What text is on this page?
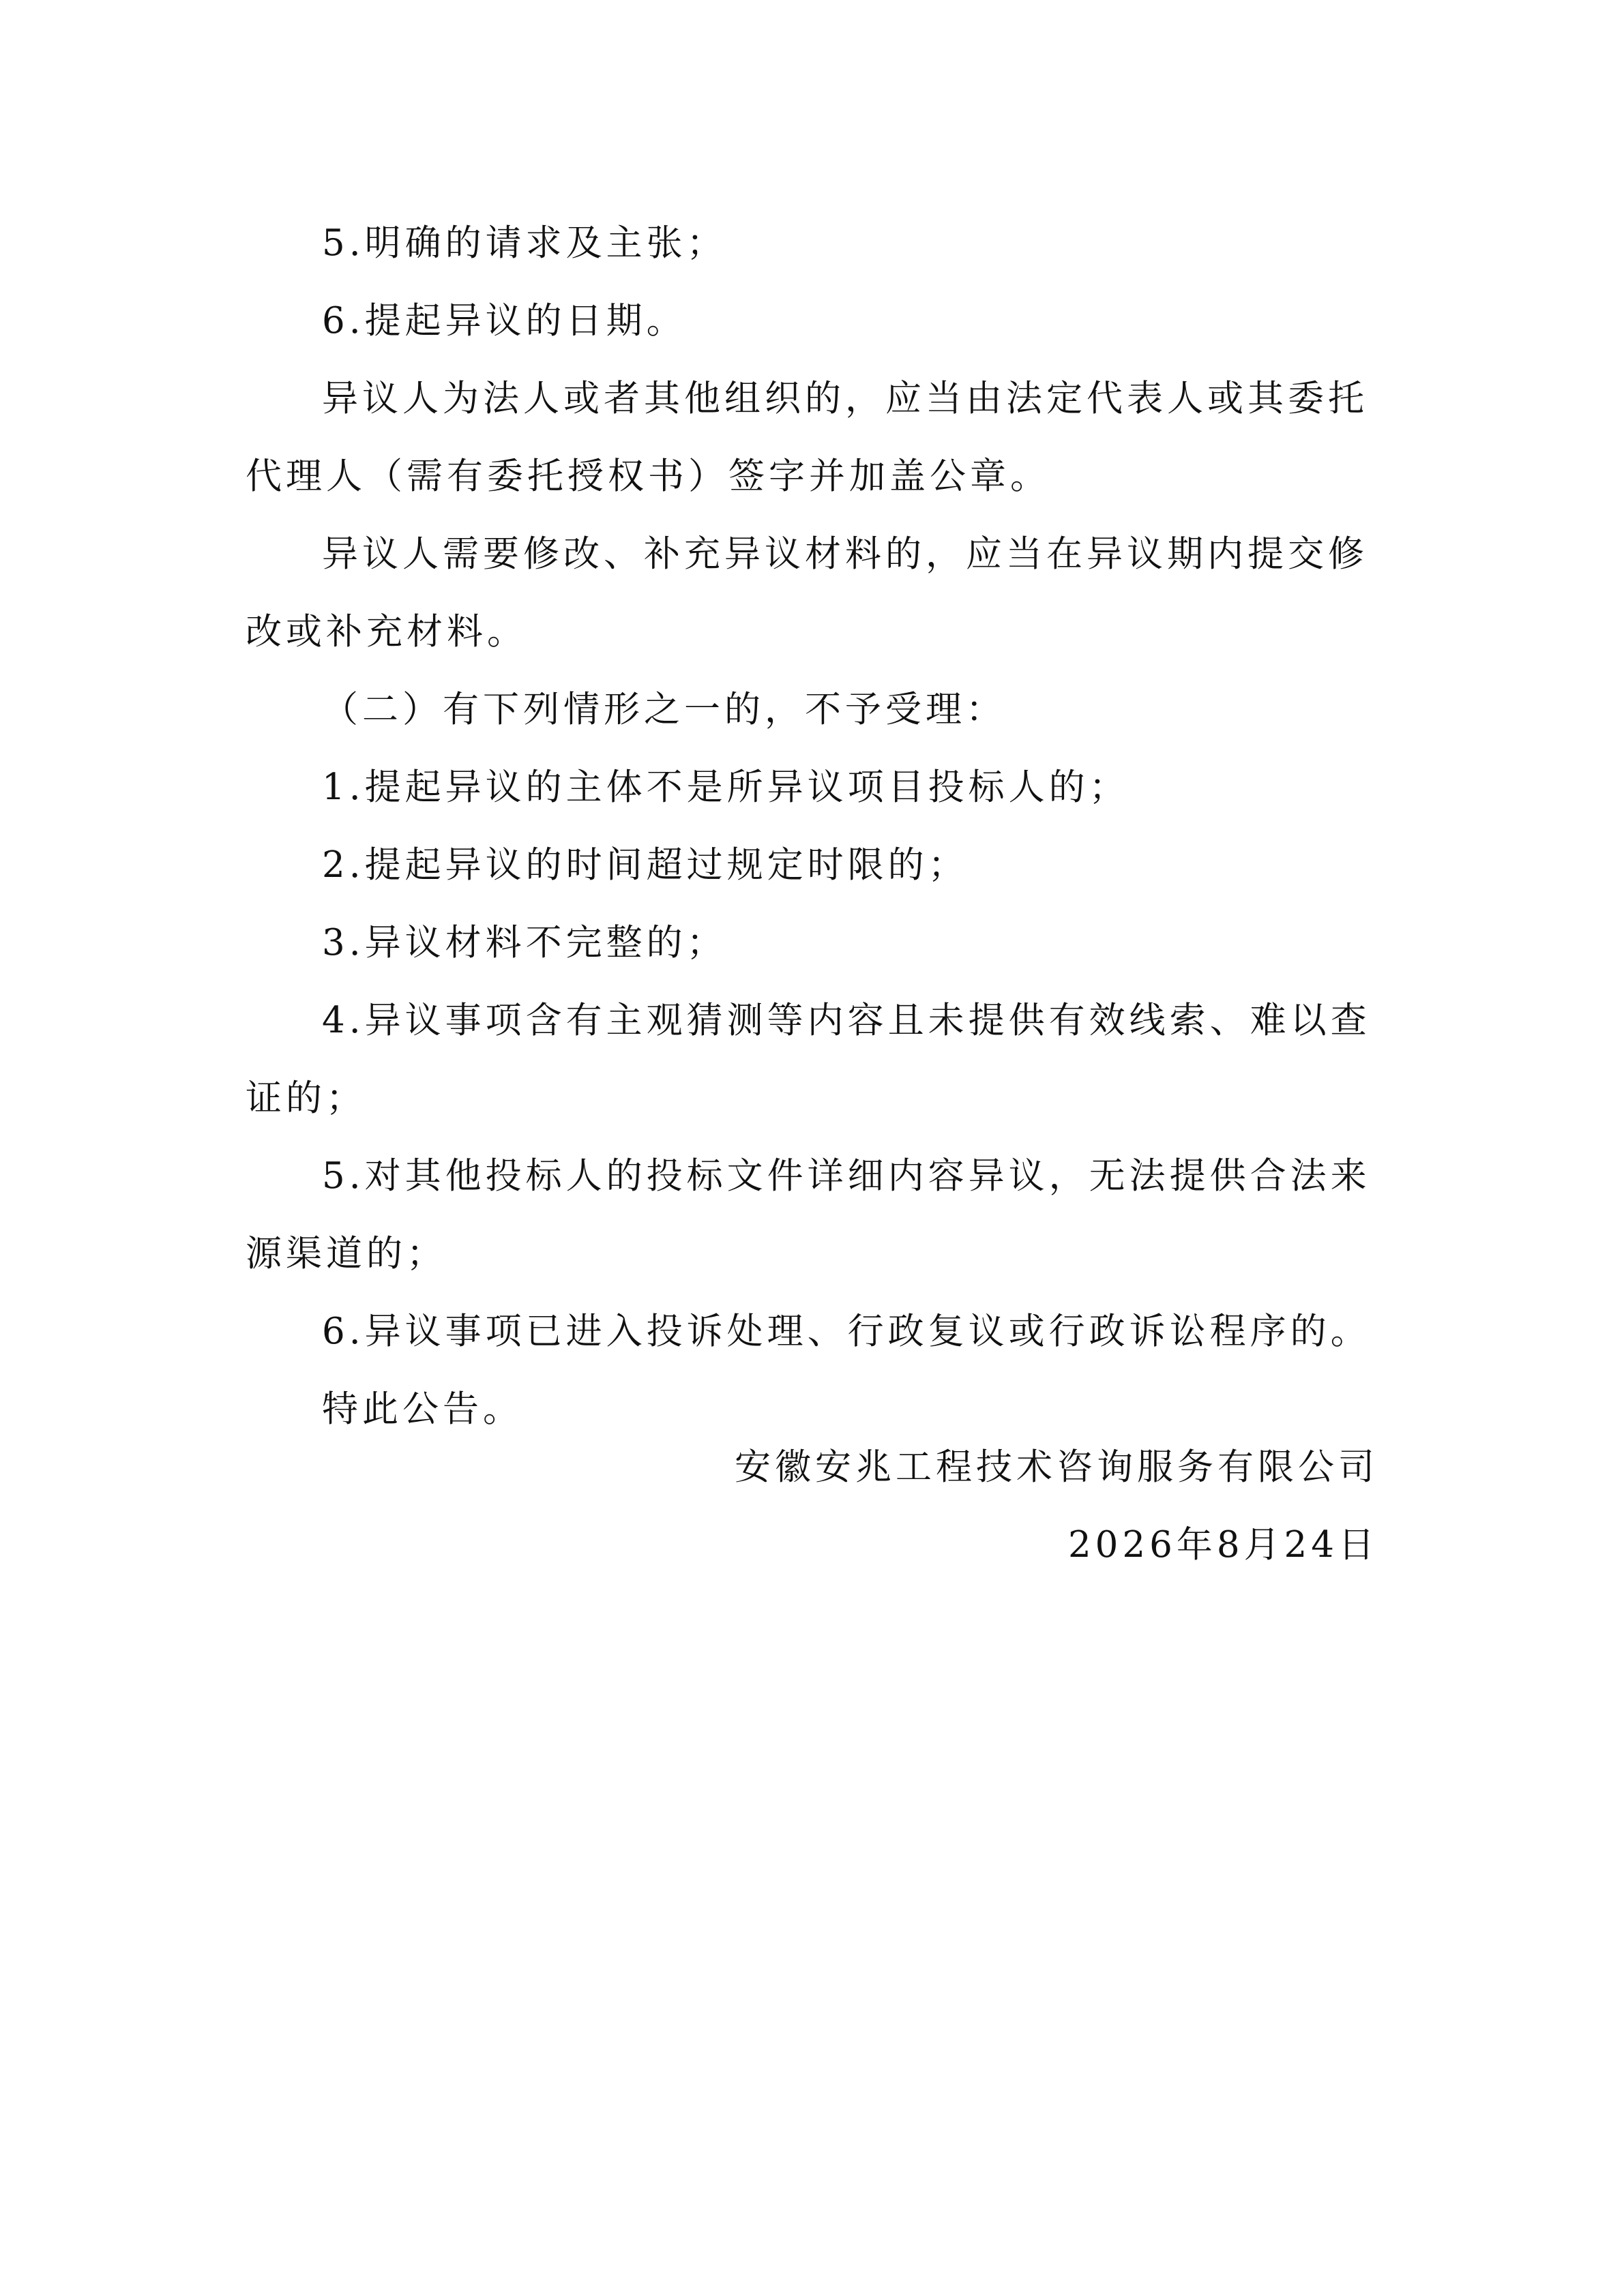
5.明确的请求及主张；

6.提起异议的日期。

异议人为法人或者其他组织的，应当由法定代表人或其委托代理人（需有委托授权书）签字并加盖公章。

异议人需要修改、补充异议材料的，应当在异议期内提交修改或补充材料。

（二）有下列情形之一的，不予受理：

1.提起异议的主体不是所异议项目投标人的；

2.提起异议的时间超过规定时限的；

3.异议材料不完整的；

4.异议事项含有主观猜测等内容且未提供有效线索、难以查证的；

5.对其他投标人的投标文件详细内容异议，无法提供合法来源渠道的；

6.异议事项已进入投诉处理、行政复议或行政诉讼程序的。

特此公告。

安徽安兆工程技术咨询服务有限公司
2026年8月24日
